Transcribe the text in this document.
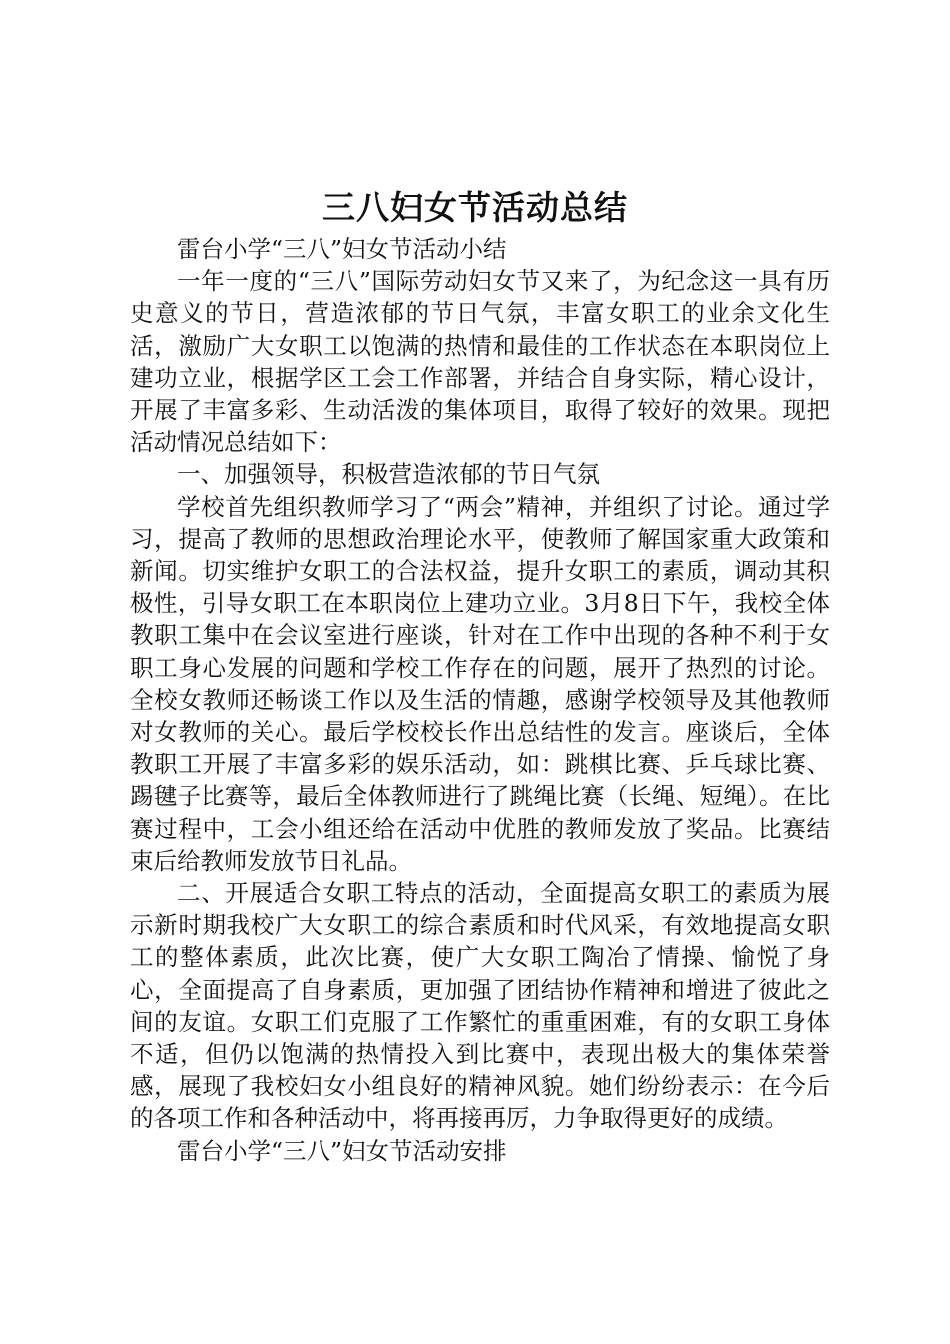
三八妇女节活动总结

雷台小学“三八”妇女节活动小结

一年一度的“三八”国际劳动妇女节又来了，为纪念这一具有历史意义的节日，营造浓郁的节日气氛，丰富女职工的业余文化生活，激励广大女职工以饱满的热情和最佳的工作状态在本职岗位上建功立业，根据学区工会工作部署，并结合自身实际，精心设计，开展了丰富多彩、生动活泼的集体项目，取得了较好的效果。现把活动情况总结如下：

一、加强领导，积极营造浓郁的节日气氛

学校首先组织教师学习了“两会”精神，并组织了讨论。通过学习，提高了教师的思想政治理论水平，使教师了解国家重大政策和新闻。切实维护女职工的合法权益，提升女职工的素质，调动其积极性，引导女职工在本职岗位上建功立业。3月8日下午，我校全体教职工集中在会议室进行座谈，针对在工作中出现的各种不利于女职工身心发展的问题和学校工作存在的问题，展开了热烈的讨论。全校女教师还畅谈工作以及生活的情趣，感谢学校领导及其他教师对女教师的关心。最后学校校长作出总结性的发言。座谈后，全体教职工开展了丰富多彩的娱乐活动，如：跳棋比赛、乒乓球比赛、踢毽子比赛等，最后全体教师进行了跳绳比赛（长绳、短绳）。在比赛过程中，工会小组还给在活动中优胜的教师发放了奖品。比赛结束后给教师发放节日礼品。

二、开展适合女职工特点的活动，全面提高女职工的素质为展示新时期我校广大女职工的综合素质和时代风采，有效地提高女职工的整体素质，此次比赛，使广大女职工陶冶了情操、愉悦了身心，全面提高了自身素质，更加强了团结协作精神和增进了彼此之间的友谊。女职工们克服了工作繁忙的重重困难，有的女职工身体不适，但仍以饱满的热情投入到比赛中，表现出极大的集体荣誉感，展现了我校妇女小组良好的精神风貌。她们纷纷表示：在今后的各项工作和各种活动中，将再接再厉，力争取得更好的成绩。

雷台小学“三八”妇女节活动安排
